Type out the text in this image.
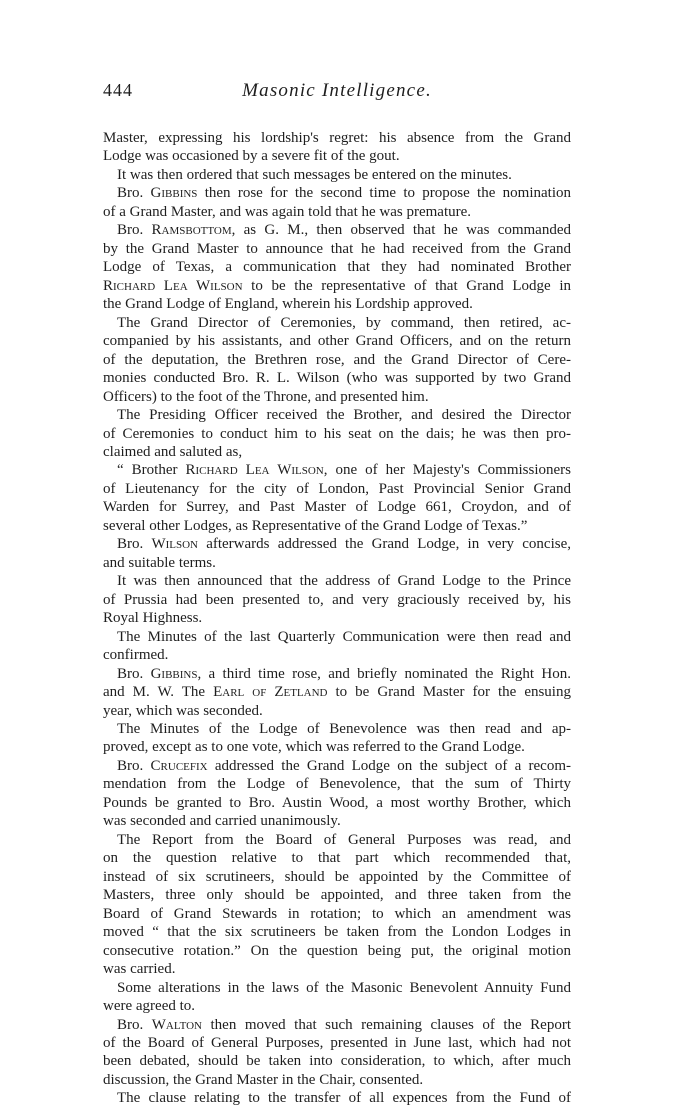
444	Masonic Intelligence.
Master, expressing his lordship's regret: his absence from the Grand
Lodge was occasioned by a severe fit of the gout.
It was then ordered that such messages be entered on the minutes.
Bro. Gibbins then rose for the second time to propose the nomination
of a Grand Master, and was again told that he was premature.
Bro. Ramsbottom, as G. M., then observed that he was commanded
by the Grand Master to announce that he had received from the Grand
Lodge of Texas, a communication that they had nominated Brother
Richard Lea Wilson to be the representative of that Grand Lodge in
the Grand Lodge of England, wherein his Lordship approved.
The Grand Director of Ceremonies, by command, then retired, ac-
companied by his assistants, and other Grand Officers, and on the return
of the deputation, the Brethren rose, and the Grand Director of Cere-
monies conducted Bro. R. L. Wilson (who was supported by two Grand
Officers) to the foot of the Throne, and presented him.
The Presiding Officer received the Brother, and desired the Director
of Ceremonies to conduct him to his seat on the dais; he was then pro-
claimed and saluted as,
“ Brother Richard Lea Wilson, one of her Majesty's Commissioners
of Lieutenancy for the city of London, Past Provincial Senior Grand
Warden for Surrey, and Past Master of Lodge 661, Croydon, and of
several other Lodges, as Representative of the Grand Lodge of Texas.”
Bro. Wilson afterwards addressed the Grand Lodge, in very concise,
and suitable terms.
It was then announced that the address of Grand Lodge to the Prince
of Prussia had been presented to, and very graciously received by, his
Royal Highness.
The Minutes of the last Quarterly Communication were then read and
confirmed.
Bro. Gibbins, a third time rose, and briefly nominated the Right Hon.
and M. W. The Earl of Zetland to be Grand Master for the ensuing
year, which was seconded.
The Minutes of the Lodge of Benevolence was then read and ap-
proved, except as to one vote, which was referred to the Grand Lodge.
Bro. Crucefix addressed the Grand Lodge on the subject of a recom-
mendation from the Lodge of Benevolence, that the sum of Thirty
Pounds be granted to Bro. Austin Wood, a most worthy Brother, which
was seconded and carried unanimously.
The Report from the Board of General Purposes was read, and
on the question relative to that part which recommended that,
instead of six scrutineers, should be appointed by the Committee of
Masters, three only should be appointed, and three taken from the
Board of Grand Stewards in rotation; to which an amendment was
moved “ that the six scrutineers be taken from the London Lodges in
consecutive rotation.” On the question being put, the original motion
was carried.
Some alterations in the laws of the Masonic Benevolent Annuity Fund
were agreed to.
Bro. Walton then moved that such remaining clauses of the Report
of the Board of General Purposes, presented in June last, which had not
been debated, should be taken into consideration, to which, after much
discussion, the Grand Master in the Chair, consented.
The clause relating to the transfer of all expences from the Fund of
